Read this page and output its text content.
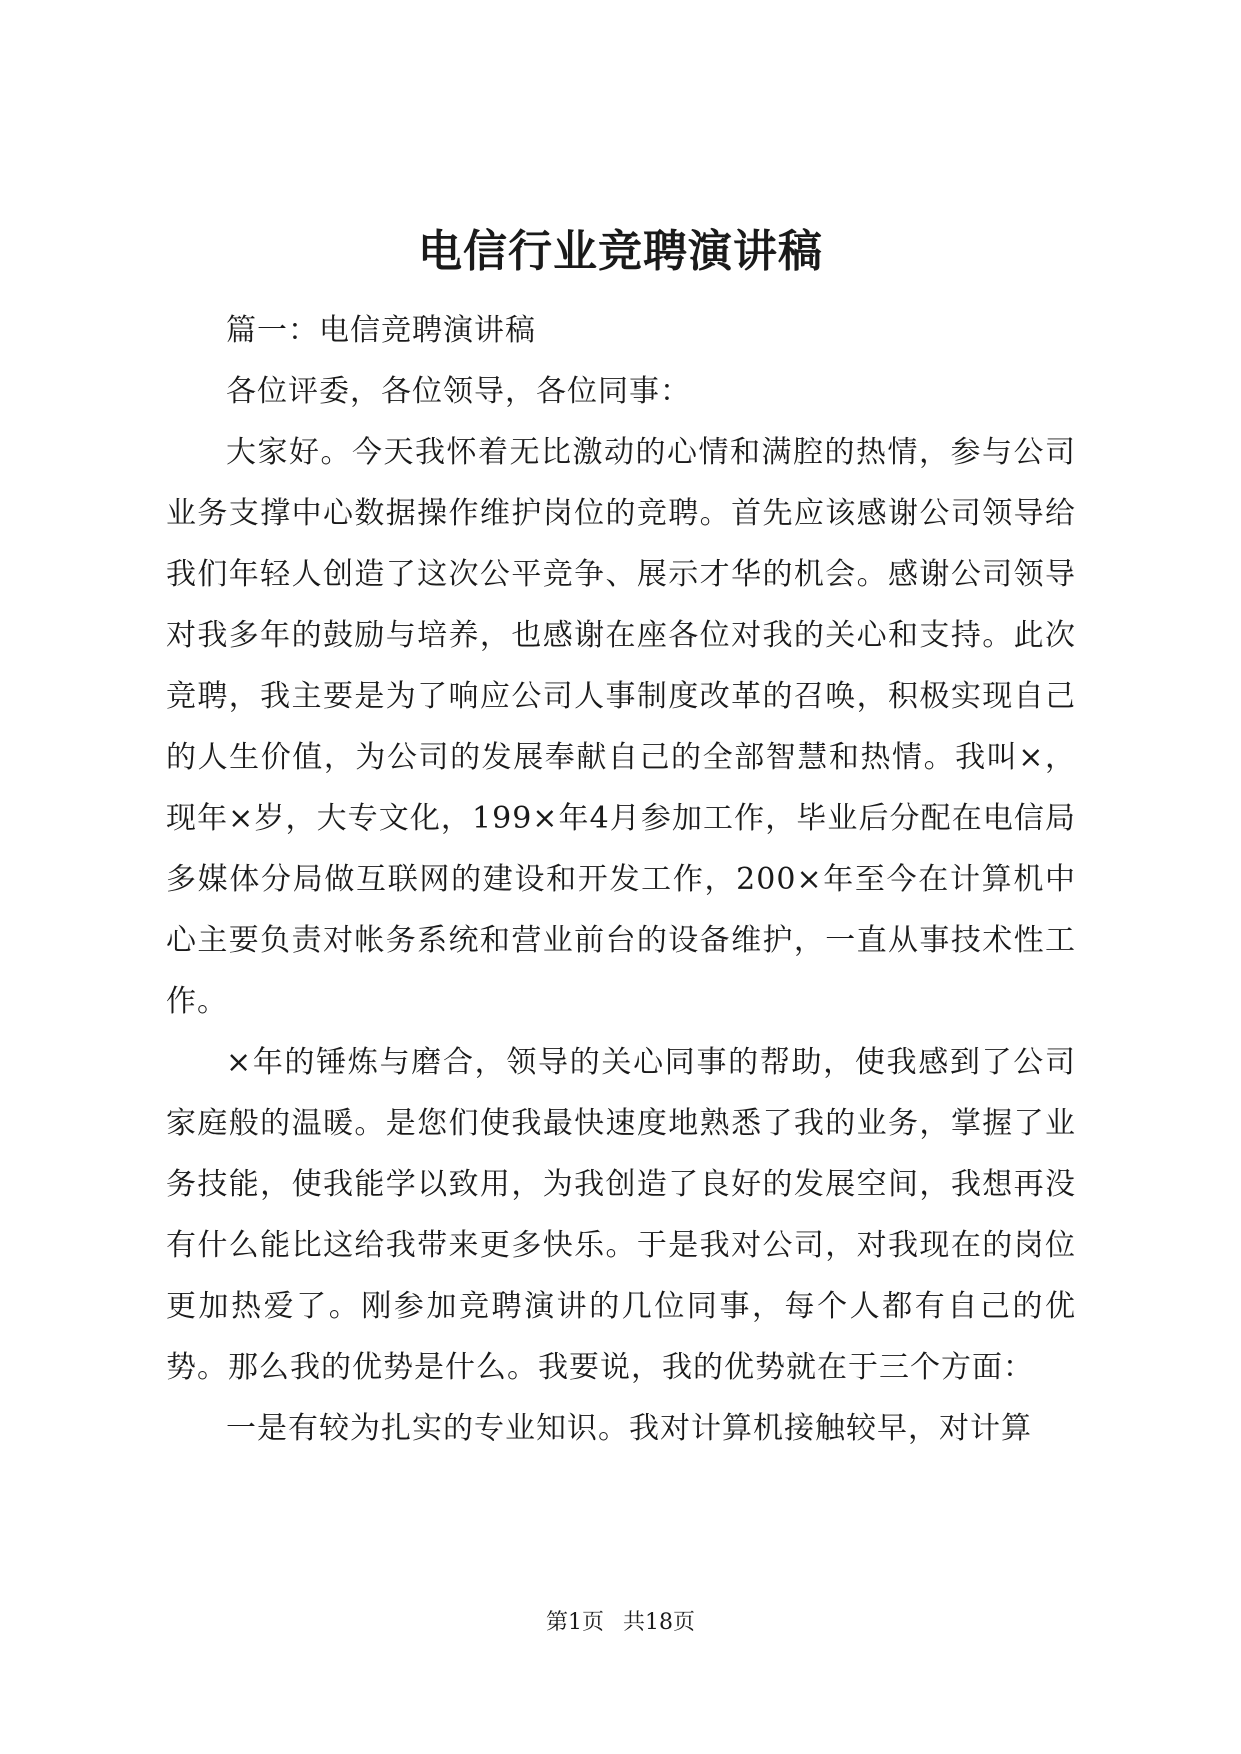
电信行业竞聘演讲稿

篇一：电信竞聘演讲稿

各位评委，各位领导，各位同事：

大家好。今天我怀着无比激动的心情和满腔的热情，参与公司业务支撑中心数据操作维护岗位的竞聘。首先应该感谢公司领导给我们年轻人创造了这次公平竞争、展示才华的机会。感谢公司领导对我多年的鼓励与培养，也感谢在座各位对我的关心和支持。此次竞聘，我主要是为了响应公司人事制度改革的召唤，积极实现自己的人生价值，为公司的发展奉献自己的全部智慧和热情。我叫×，现年×岁，大专文化，199×年4月参加工作，毕业后分配在电信局多媒体分局做互联网的建设和开发工作，200×年至今在计算机中心主要负责对帐务系统和营业前台的设备维护，一直从事技术性工作。

×年的锤炼与磨合，领导的关心同事的帮助，使我感到了公司家庭般的温暖。是您们使我最快速度地熟悉了我的业务，掌握了业务技能，使我能学以致用，为我创造了良好的发展空间，我想再没有什么能比这给我带来更多快乐。于是我对公司，对我现在的岗位更加热爱了。刚参加竞聘演讲的几位同事，每个人都有自己的优势。那么我的优势是什么。我要说，我的优势就在于三个方面：

一是有较为扎实的专业知识。我对计算机接触较早，对计算

第1页 共18页
